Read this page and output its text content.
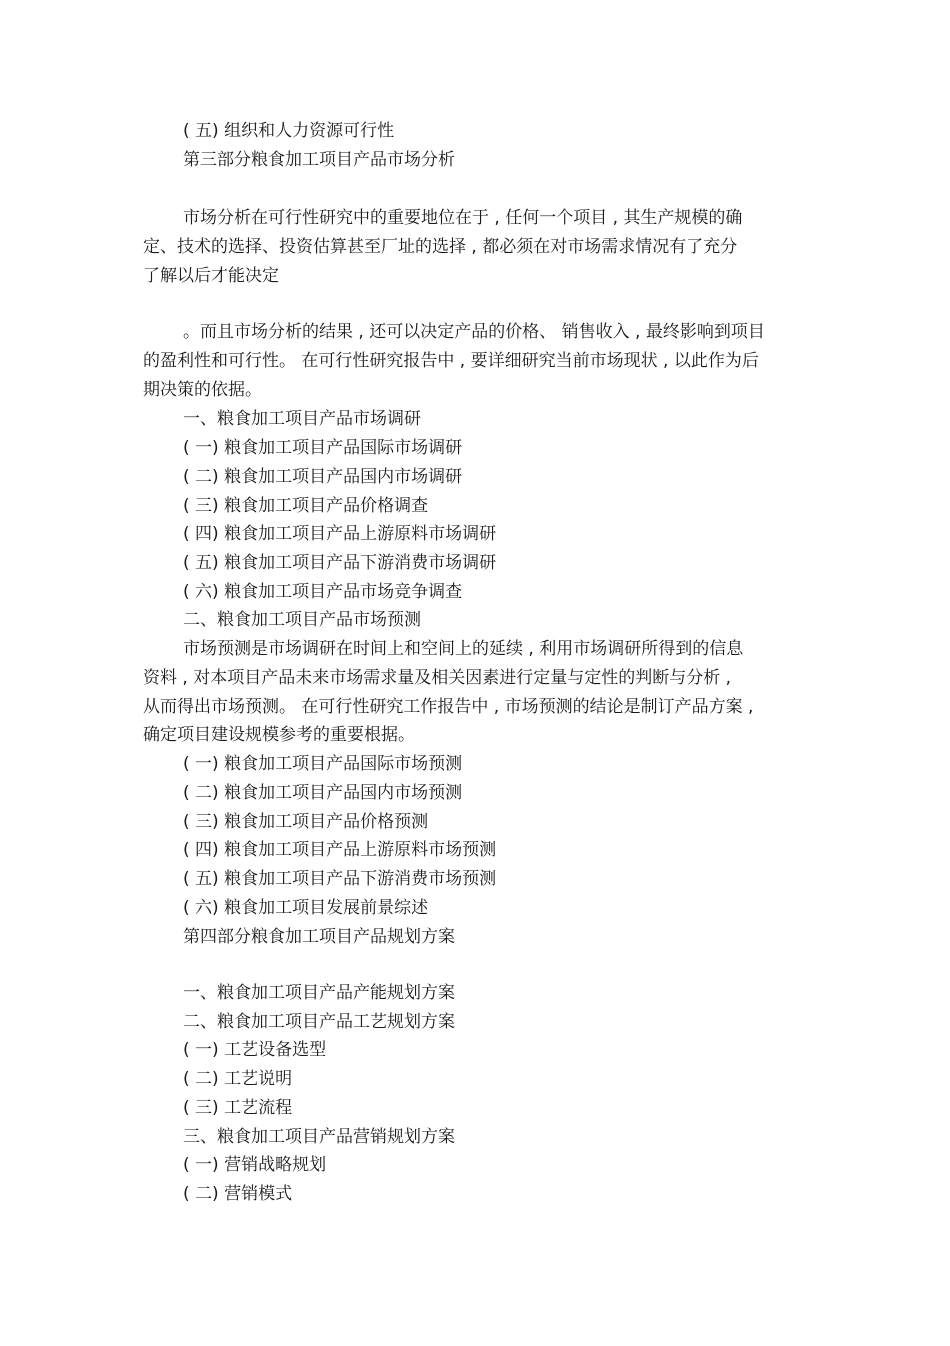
( 五) 组织和人力资源可行性
第三部分粮食加工项目产品市场分析
市场分析在可行性研究中的重要地位在于 , 任何一个项目 , 其生产规模的确
定、技术的选择、投资估算甚至厂址的选择 , 都必须在对市场需求情况有了充分
了解以后才能决定
。而且市场分析的结果 , 还可以决定产品的价格、 销售收入 , 最终影响到项目
的盈利性和可行性。 在可行性研究报告中 , 要详细研究当前市场现状 , 以此作为后
期决策的依据。
一、粮食加工项目产品市场调研
( 一) 粮食加工项目产品国际市场调研
( 二) 粮食加工项目产品国内市场调研
( 三) 粮食加工项目产品价格调查
( 四) 粮食加工项目产品上游原料市场调研
( 五) 粮食加工项目产品下游消费市场调研
( 六) 粮食加工项目产品市场竞争调查
二、粮食加工项目产品市场预测
市场预测是市场调研在时间上和空间上的延续 , 利用市场调研所得到的信息
资料 , 对本项目产品未来市场需求量及相关因素进行定量与定性的判断与分析 ,
从而得出市场预测。 在可行性研究工作报告中 , 市场预测的结论是制订产品方案 ,
确定项目建设规模参考的重要根据。
( 一) 粮食加工项目产品国际市场预测
( 二) 粮食加工项目产品国内市场预测
( 三) 粮食加工项目产品价格预测
( 四) 粮食加工项目产品上游原料市场预测
( 五) 粮食加工项目产品下游消费市场预测
( 六) 粮食加工项目发展前景综述
第四部分粮食加工项目产品规划方案
一、粮食加工项目产品产能规划方案
二、粮食加工项目产品工艺规划方案
( 一) 工艺设备选型
( 二) 工艺说明
( 三) 工艺流程
三、粮食加工项目产品营销规划方案
( 一) 营销战略规划
( 二) 营销模式
